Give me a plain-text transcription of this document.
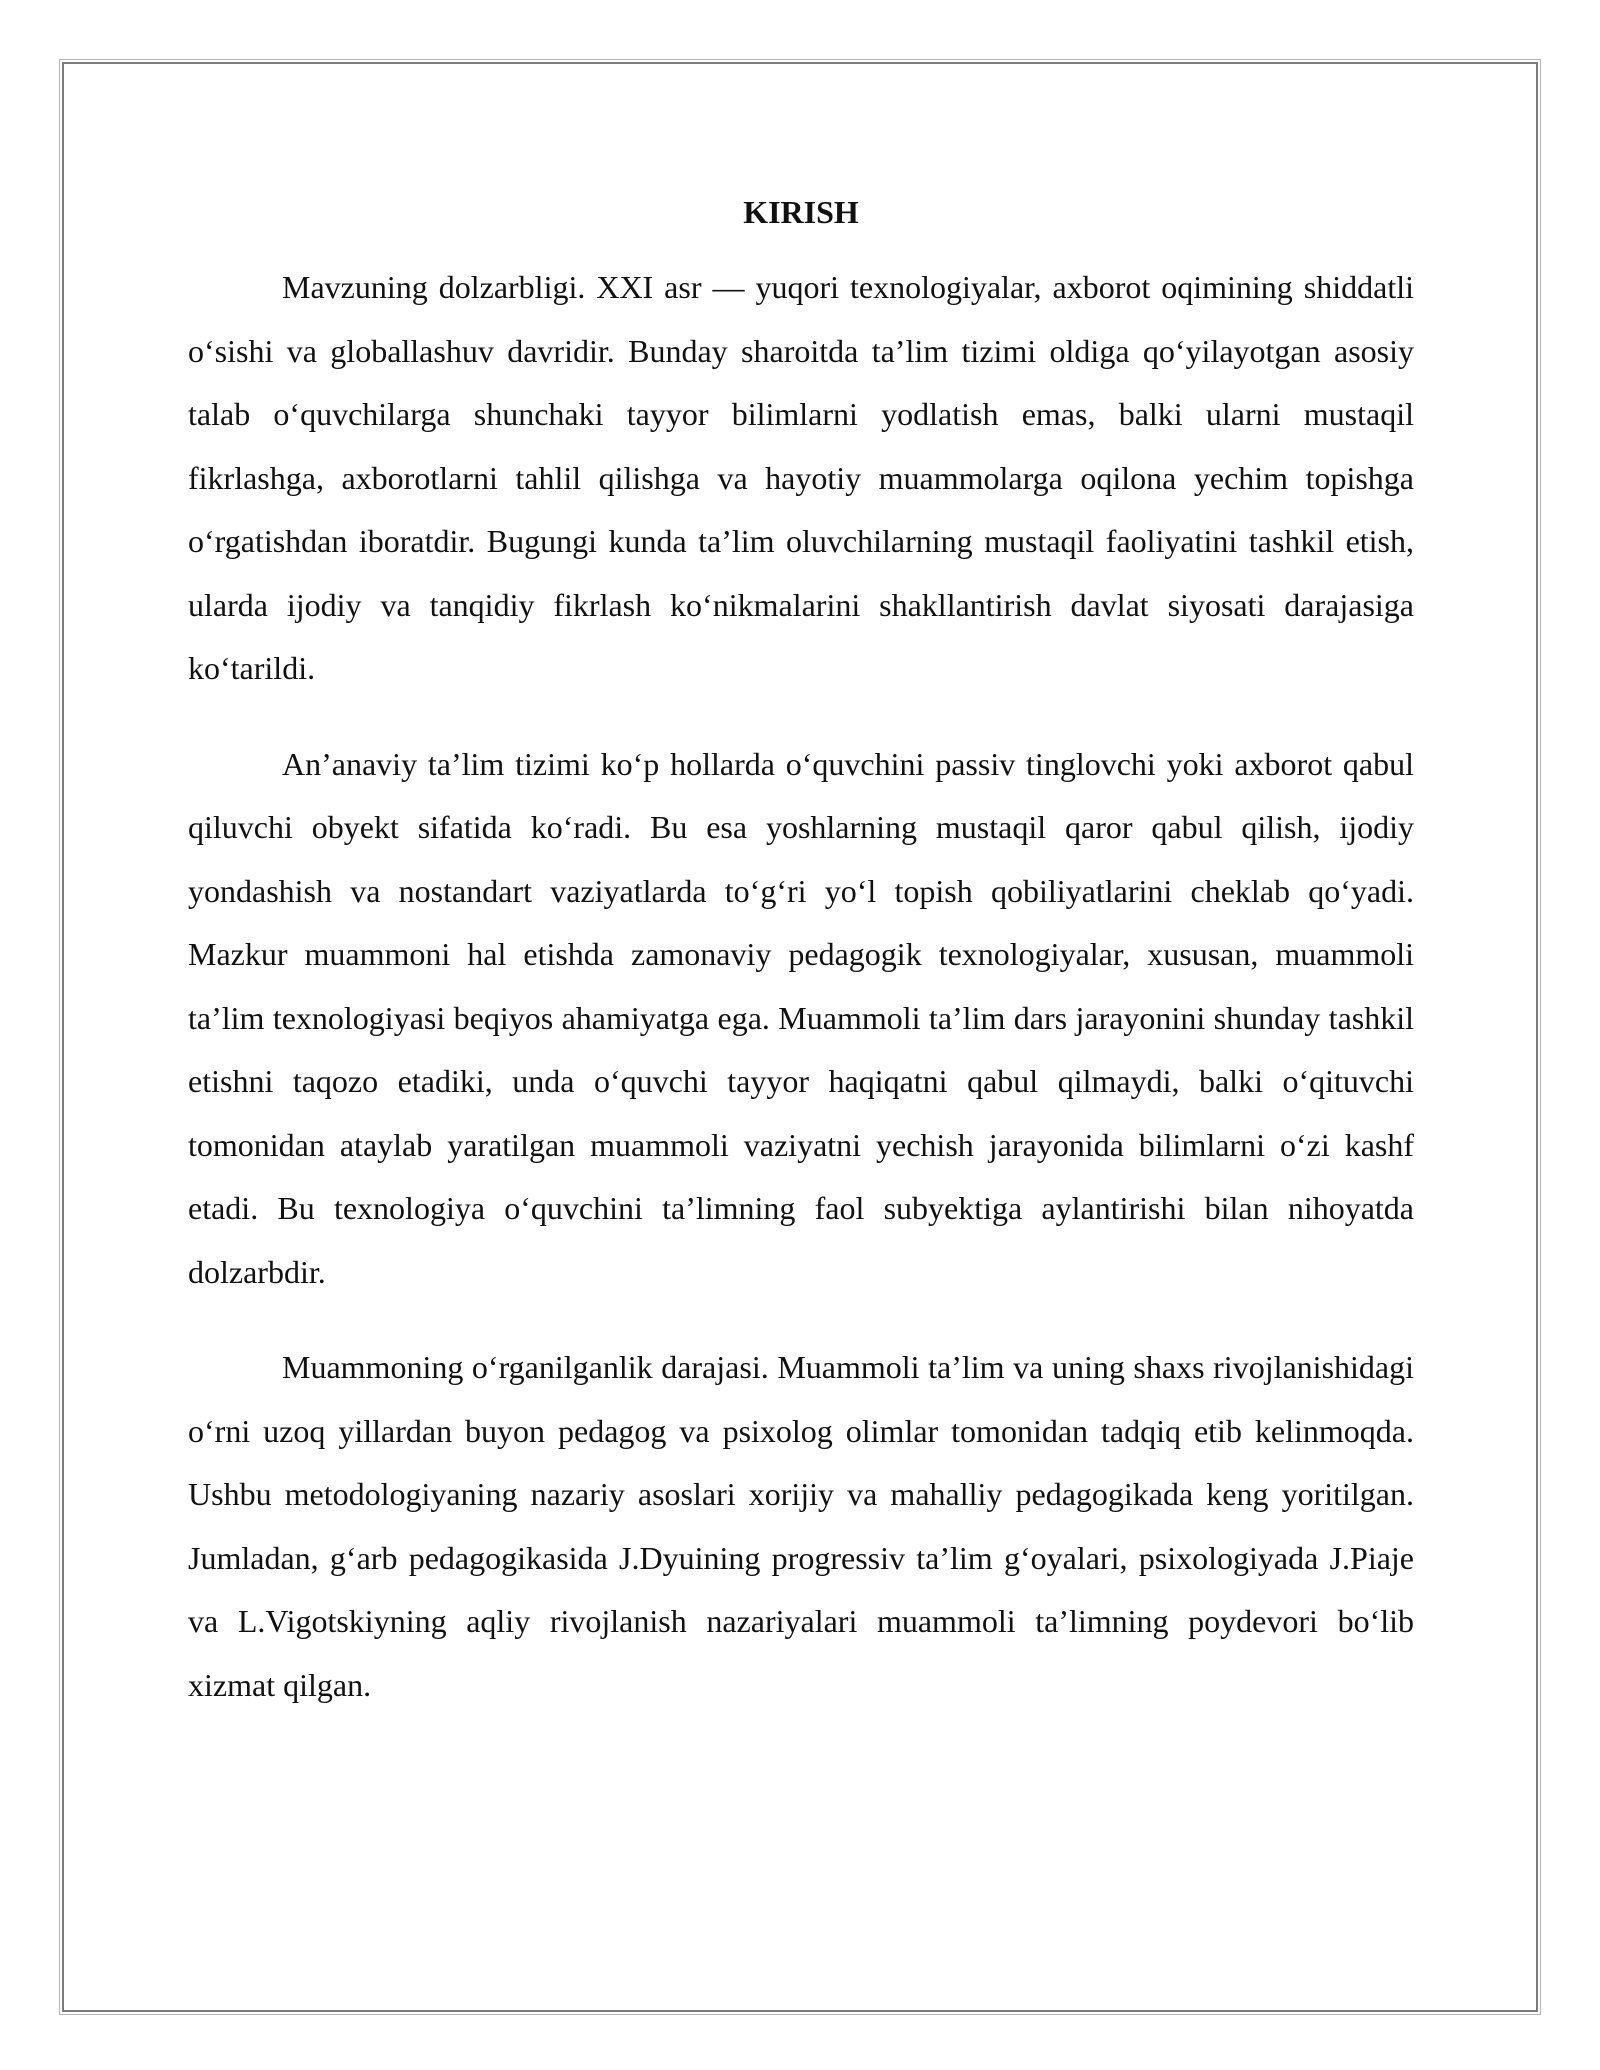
KIRISH

Mavzuning dolzarbligi. XXI asr — yuqori texnologiyalar, axborot oqimining shiddatli o‘sishi va globallashuv davridir. Bunday sharoitda ta’lim tizimi oldiga qo‘yilayotgan asosiy talab o‘quvchilarga shunchaki tayyor bilimlarni yodlatish emas, balki ularni mustaqil fikrlashga, axborotlarni tahlil qilishga va hayotiy muammolarga oqilona yechim topishga o‘rgatishdan iboratdir. Bugungi kunda ta’lim oluvchilarning mustaqil faoliyatini tashkil etish, ularda ijodiy va tanqidiy fikrlash ko‘nikmalarini shakllantirish davlat siyosati darajasiga ko‘tarildi.

An’anaviy ta’lim tizimi ko‘p hollarda o‘quvchini passiv tinglovchi yoki axborot qabul qiluvchi obyekt sifatida ko‘radi. Bu esa yoshlarning mustaqil qaror qabul qilish, ijodiy yondashish va nostandart vaziyatlarda to‘g‘ri yo‘l topish qobiliyatlarini cheklab qo‘yadi. Mazkur muammoni hal etishda zamonaviy pedagogik texnologiyalar, xususan, muammoli ta’lim texnologiyasi beqiyos ahamiyatga ega. Muammoli ta’lim dars jarayonini shunday tashkil etishni taqozo etadiki, unda o‘quvchi tayyor haqiqatni qabul qilmaydi, balki o‘qituvchi tomonidan ataylab yaratilgan muammoli vaziyatni yechish jarayonida bilimlarni o‘zi kashf etadi. Bu texnologiya o‘quvchini ta’limning faol subyektiga aylantirishi bilan nihoyatda dolzarbdir.

Muammoning o‘rganilganlik darajasi. Muammoli ta’lim va uning shaxs rivojlanishidagi o‘rni uzoq yillardan buyon pedagog va psixolog olimlar tomonidan tadqiq etib kelinmoqda. Ushbu metodologiyaning nazariy asoslari xorijiy va mahalliy pedagogikada keng yoritilgan. Jumladan, g‘arb pedagogikasida J.Dyuining progressiv ta’lim g‘oyalari, psixologiyada J.Piaje va L.Vigotskiyning aqliy rivojlanish nazariyalari muammoli ta’limning poydevori bo‘lib xizmat qilgan.
